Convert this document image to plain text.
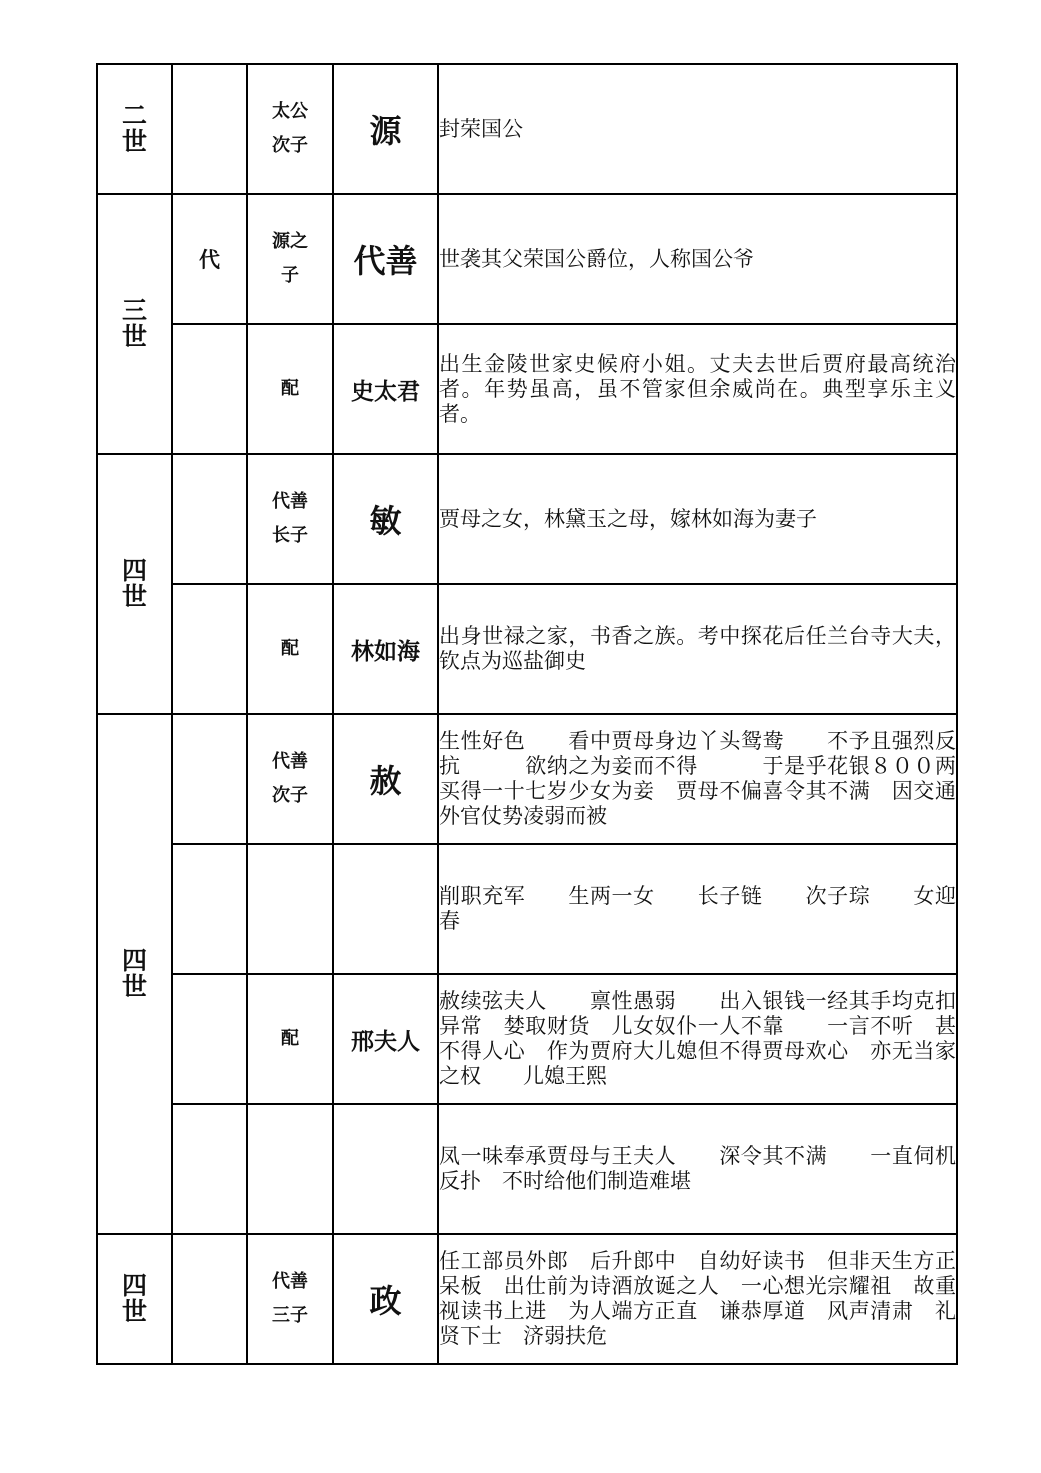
二世		太公次子	源	封荣国公

三世	代	源之子	代善	世袭其父荣国公爵位，人称国公爷

		配	史太君	出生金陵世家史候府小姐。丈夫去世后贾府最高统治者。年势虽高，虽不管家但余威尚在。典型享乐主义者。

四世		代善长子	敏	贾母之女，林黛玉之母，嫁林如海为妻子

		配	林如海	出身世禄之家，书香之族。考中探花后任兰台寺大夫，钦点为巡盐御史

四世		代善次子	赦	生性好色　　看中贾母身边丫头鸳鸯　　不予且强烈反抗　　　欲纳之为妾而不得　　　于是乎花银８００两买得一十七岁少女为妾　贾母不偏喜令其不满　因交通外官仗势凌弱而被

				削职充军　　生两一女　　长子链　　次子琮　　女迎春

		配	邢夫人	赦续弦夫人　　禀性愚弱　　出入银钱一经其手均克扣异常　婪取财货　儿女奴仆一人不靠　　一言不听　甚不得人心　作为贾府大儿媳但不得贾母欢心　亦无当家之权　　儿媳王熙

				凤一味奉承贾母与王夫人　　深令其不满　　一直伺机反扑　不时给他们制造难堪

四世		代善三子	政	任工部员外郎　后升郎中　自幼好读书　但非天生方正呆板　出仕前为诗酒放诞之人　一心想光宗耀祖　故重视读书上进　为人端方正直　谦恭厚道　风声清肃　礼贤下士　济弱扶危
